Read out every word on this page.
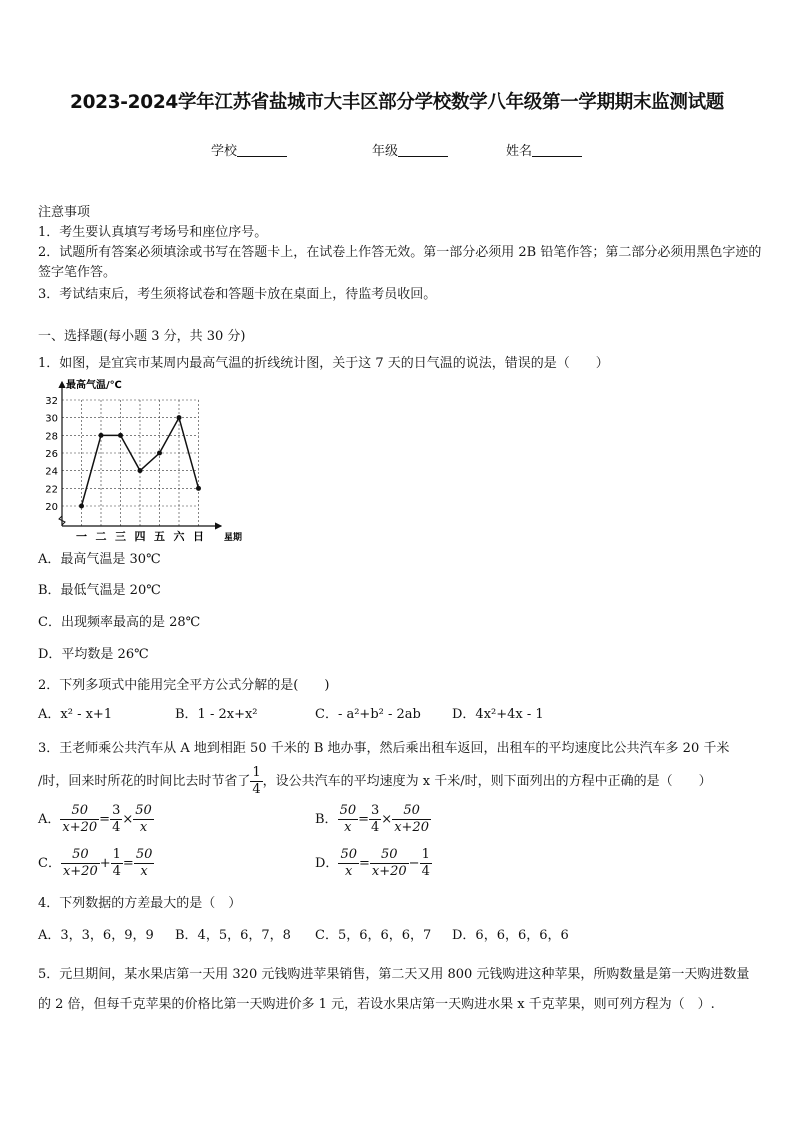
2023-2024学年江苏省盐城市大丰区部分学校数学八年级第一学期期末监测试题
学校	年级	姓名
注意事项
1．考生要认真填写考场号和座位序号。
2．试题所有答案必须填涂或书写在答题卡上，在试卷上作答无效。第一部分必须用 2B 铅笔作答；第二部分必须用黑色字迹的签字笔作答。
3．考试结束后，考生须将试卷和答题卡放在桌面上，待监考员收回。
一、选择题(每小题 3 分，共 30 分)
1．如图，是宜宾市某周内最高气温的折线统计图，关于这 7 天的日气温的说法，错误的是（　　）
最高气温/℃
星期
32
30
28
26
24
22
20
一 二 三 四 五 六 日
A．最高气温是 30℃
B．最低气温是 20℃
C．出现频率最高的是 28℃
D．平均数是 26℃
2．下列多项式中能用完全平方公式分解的是(　　)
A．x² - x+1	B．1 - 2x+x²	C．- a²+b² - 2ab D．4x²+4x - 1
3．王老师乘公共汽车从 A 地到相距 50 千米的 B 地办事，然后乘出租车返回，出租车的平均速度比公共汽车多 20 千米
/时，回来时所花的时间比去时节省了 $\frac{1}{4}$ ，设公共汽车的平均速度为 x 千米/时，则下面列出的方程中正确的是（　　）
A． $\frac{50}{x+20} = \frac{3}{4} \times \frac{50}{x}$	B． $\frac{50}{x} = \frac{3}{4} \times \frac{50}{x+20}$
C． $\frac{50}{x+20} + \frac{1}{4} = \frac{50}{x}$	D． $\frac{50}{x} = \frac{50}{x+20} - \frac{1}{4}$
4．下列数据的方差最大的是（　）
A．3，3，6，9，9 B．4，5，6，7，8 C．5，6，6，6，7 D．6，6，6，6，6
5．元旦期间，某水果店第一天用 320 元钱购进苹果销售，第二天又用 800 元钱购进这种苹果，所购数量是第一天购进数量的 2 倍，但每千克苹果的价格比第一天购进价多 1 元，若设水果店第一天购进水果 x 千克苹果，则可列方程为（　）.
